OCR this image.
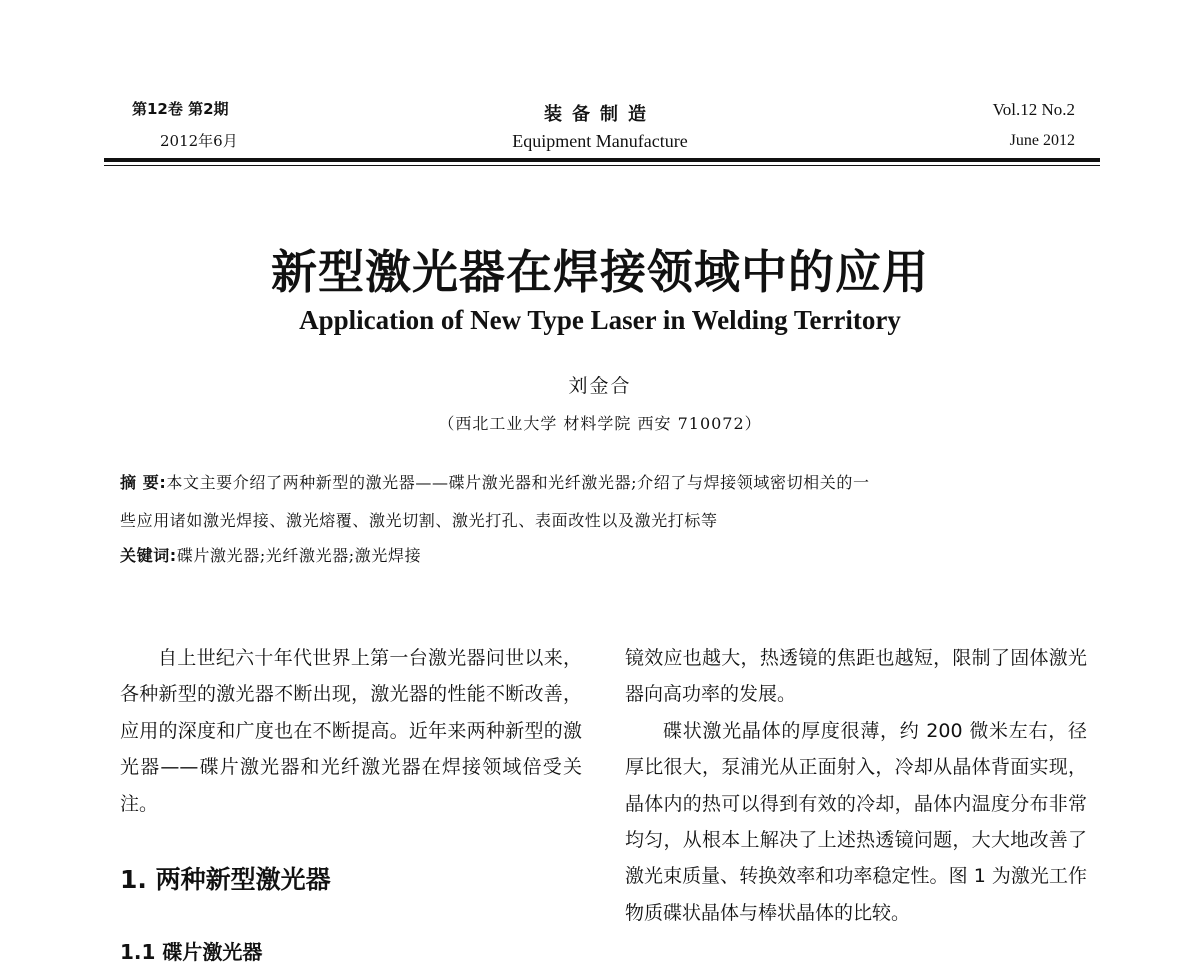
第12卷 第2期
2012年6月
装备制造
Equipment Manufacture
Vol.12 No.2
June 2012
新型激光器在焊接领域中的应用
Application of New Type Laser in Welding Territory
刘金合
（西北工业大学 材料学院 西安 710072）
摘 要:本文主要介绍了两种新型的激光器——碟片激光器和光纤激光器;介绍了与焊接领域密切相关的一
些应用诸如激光焊接、激光熔覆、激光切割、激光打孔、表面改性以及激光打标等
关键词:碟片激光器;光纤激光器;激光焊接

自上世纪六十年代世界上第一台激光器问世以来，各种新型的激光器不断出现，激光器的性能不断改善，应用的深度和广度也在不断提高。近年来两种新型的激光器——碟片激光器和光纤激光器在焊接领域倍受关注。

1. 两种新型激光器
1.1 碟片激光器

镜效应也越大，热透镜的焦距也越短，限制了固体激光器向高功率的发展。

碟状激光晶体的厚度很薄，约 200 微米左右，径厚比很大，泵浦光从正面射入，冷却从晶体背面实现，晶体内的热可以得到有效的冷却，晶体内温度分布非常均匀，从根本上解决了上述热透镜问题，大大地改善了激光束质量、转换效率和功率稳定性。图 1 为激光工作物质碟状晶体与棒状晶体的比较。
